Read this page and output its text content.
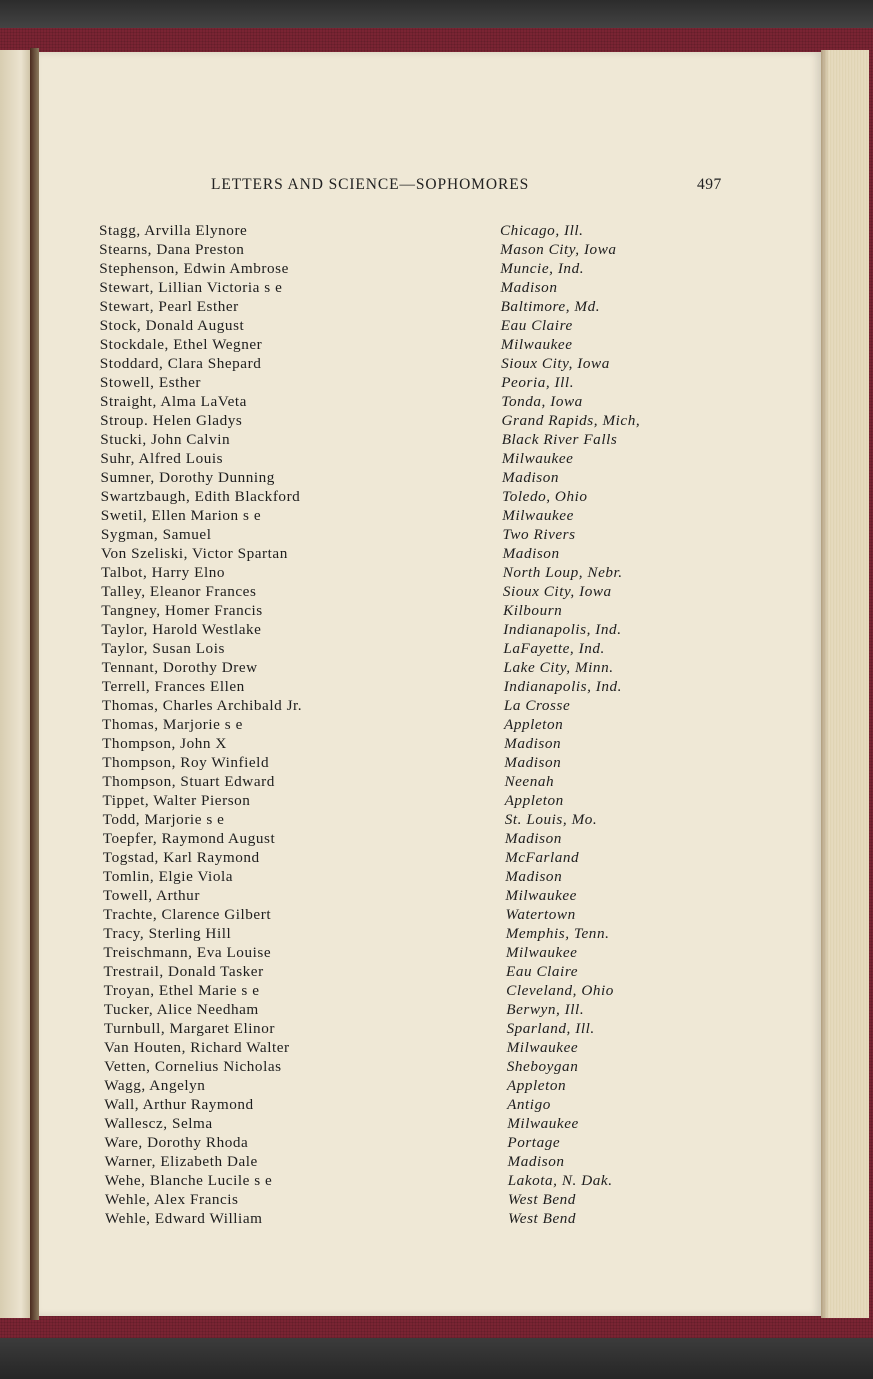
LETTERS AND SCIENCE—SOPHOMORES	497
Stagg, Arvilla Elynore	Chicago, Ill.
Stearns, Dana Preston	Mason City, Iowa
Stephenson, Edwin Ambrose	Muncie, Ind.
Stewart, Lillian Victoria s e	Madison
Stewart, Pearl Esther	Baltimore, Md.
Stock, Donald August	Eau Claire
Stockdale, Ethel Wegner	Milwaukee
Stoddard, Clara Shepard	Sioux City, Iowa
Stowell, Esther	Peoria, Ill.
Straight, Alma LaVeta	Tonda, Iowa
Stroup. Helen Gladys	Grand Rapids, Mich,
Stucki, John Calvin	Black River Falls
Suhr, Alfred Louis	Milwaukee
Sumner, Dorothy Dunning	Madison
Swartzbaugh, Edith Blackford	Toledo, Ohio
Swetil, Ellen Marion s e	Milwaukee
Sygman, Samuel	Two Rivers
Von Szeliski, Victor Spartan	Madison
Talbot, Harry Elno	North Loup, Nebr.
Talley, Eleanor Frances	Sioux City, Iowa
Tangney, Homer Francis	Kilbourn
Taylor, Harold Westlake	Indianapolis, Ind.
Taylor, Susan Lois	LaFayette, Ind.
Tennant, Dorothy Drew	Lake City, Minn.
Terrell, Frances Ellen	Indianapolis, Ind.
Thomas, Charles Archibald Jr.	La Crosse
Thomas, Marjorie s e	Appleton
Thompson, John X	Madison
Thompson, Roy Winfield	Madison
Thompson, Stuart Edward	Neenah
Tippet, Walter Pierson	Appleton
Todd, Marjorie s e	St. Louis, Mo.
Toepfer, Raymond August	Madison
Togstad, Karl Raymond	McFarland
Tomlin, Elgie Viola	Madison
Towell, Arthur	Milwaukee
Trachte, Clarence Gilbert	Watertown
Tracy, Sterling Hill	Memphis, Tenn.
Treischmann, Eva Louise	Milwaukee
Trestrail, Donald Tasker	Eau Claire
Troyan, Ethel Marie s e	Cleveland, Ohio
Tucker, Alice Needham	Berwyn, Ill.
Turnbull, Margaret Elinor	Sparland, Ill.
Van Houten, Richard Walter	Milwaukee
Vetten, Cornelius Nicholas	Sheboygan
Wagg, Angelyn	Appleton
Wall, Arthur Raymond	Antigo
Wallescz, Selma	Milwaukee
Ware, Dorothy Rhoda	Portage
Warner, Elizabeth Dale	Madison
Wehe, Blanche Lucile s e	Lakota, N. Dak.
Wehle, Alex Francis	West Bend
Wehle, Edward William	West Bend
